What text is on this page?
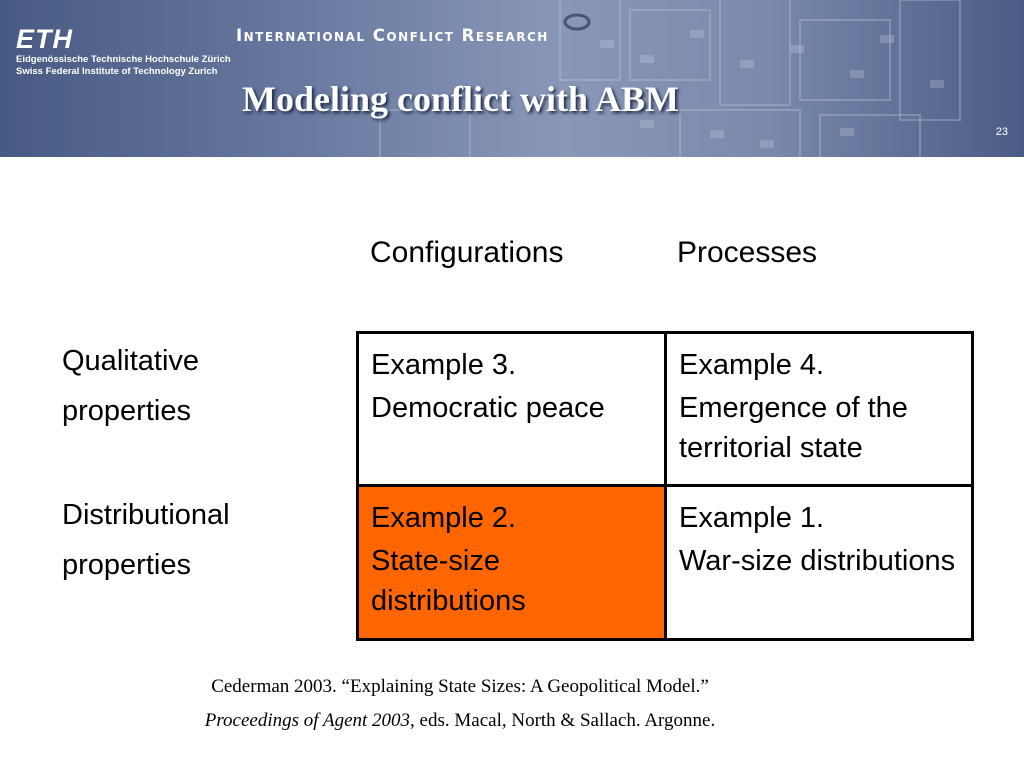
ETH
Eidgenössische Technische Hochschule Zürich
Swiss Federal Institute of Technology Zurich
International Conflict Research
Modeling conflict with ABM
23
Configurations	Processes
Qualitative
properties
Distributional
properties
Example 3.
Democratic peace
Example 4.
Emergence of the territorial state
Example 2.
State-size distributions
Example 1.
War-size distributions
Cederman 2003. “Explaining State Sizes: A Geopolitical Model.”
Proceedings of Agent 2003, eds. Macal, North & Sallach. Argonne.
